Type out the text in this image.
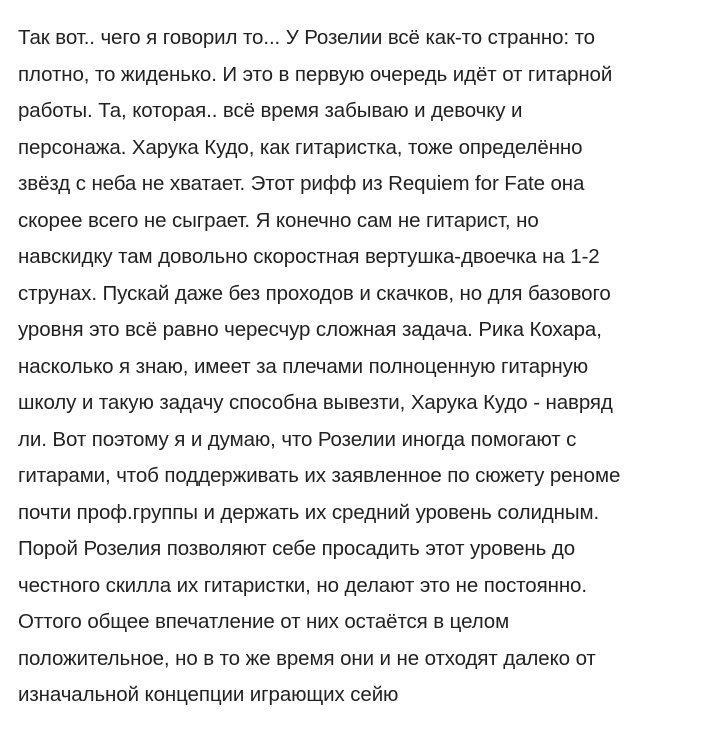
Так вот.. чего я говорил то... У Розелии всё как-то странно: то
плотно, то жиденько. И это в первую очередь идёт от гитарной
работы. Та, которая.. всё время забываю и девочку и
персонажа. Харука Кудо, как гитаристка, тоже определённо
звёзд с неба не хватает. Этот рифф из Requiem for Fate она
скорее всего не сыграет. Я конечно сам не гитарист, но
навскидку там довольно скоростная вертушка-двоечка на 1-2
струнах. Пускай даже без проходов и скачков, но для базового
уровня это всё равно чересчур сложная задача. Рика Кохара,
насколько я знаю, имеет за плечами полноценную гитарную
школу и такую задачу способна вывезти, Харука Кудо - навряд
ли. Вот поэтому я и думаю, что Розелии иногда помогают с
гитарами, чтоб поддерживать их заявленное по сюжету реноме
почти проф.группы и держать их средний уровень солидным.
Порой Розелия позволяют себе просадить этот уровень до
честного скилла их гитаристки, но делают это не постоянно.
Оттого общее впечатление от них остаётся в целом
положительное, но в то же время они и не отходят далеко от
изначальной концепции играющих сейю
